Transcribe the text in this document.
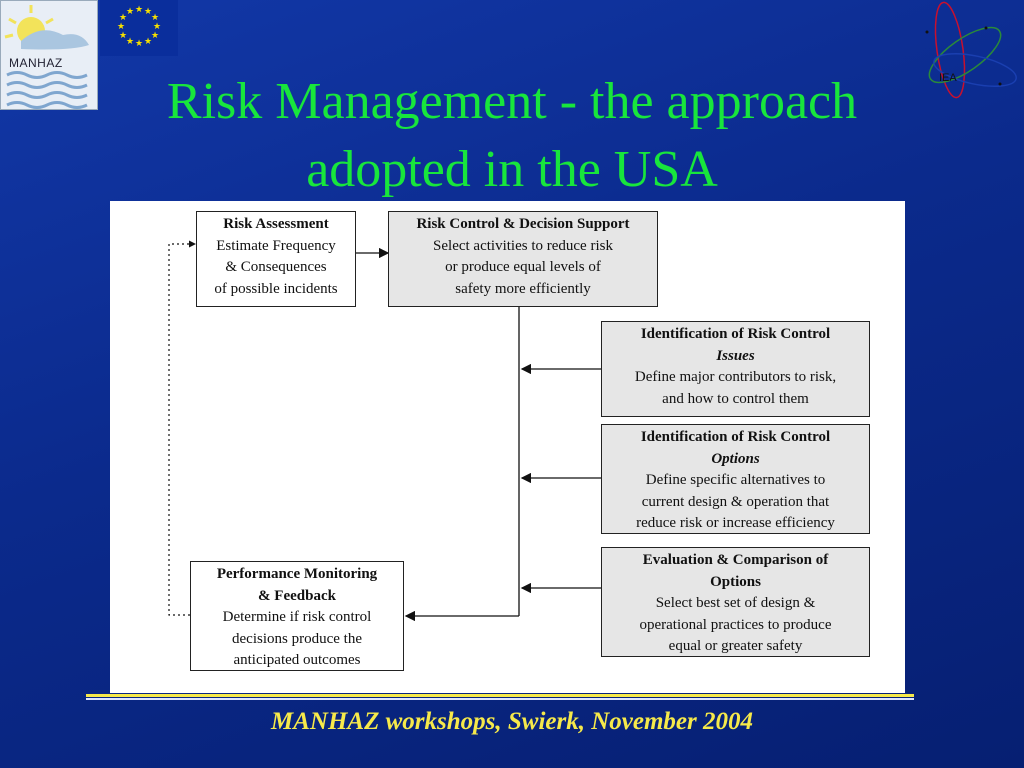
MANHAZ
★ ★
★
★
★
★
★
★
★
★
★
★
IEA
Risk Management - the approach
adopted in the USA
Risk Assessment
Estimate Frequency
& Consequences
of possible incidents
Risk Control & Decision Support
Select activities to reduce risk
or produce equal levels of
safety more efficiently
Identification of Risk Control
Issues
Define major contributors to risk,
and how to control them
Identification of Risk Control
Options
Define specific alternatives to
current design & operation that
reduce risk or increase efficiency
Evaluation & Comparison of
Options
Select best set of design &
operational practices to produce
equal or greater safety
Performance Monitoring
& Feedback
Determine if risk control
decisions produce the
anticipated outcomes
MANHAZ workshops, Swierk, November 2004
